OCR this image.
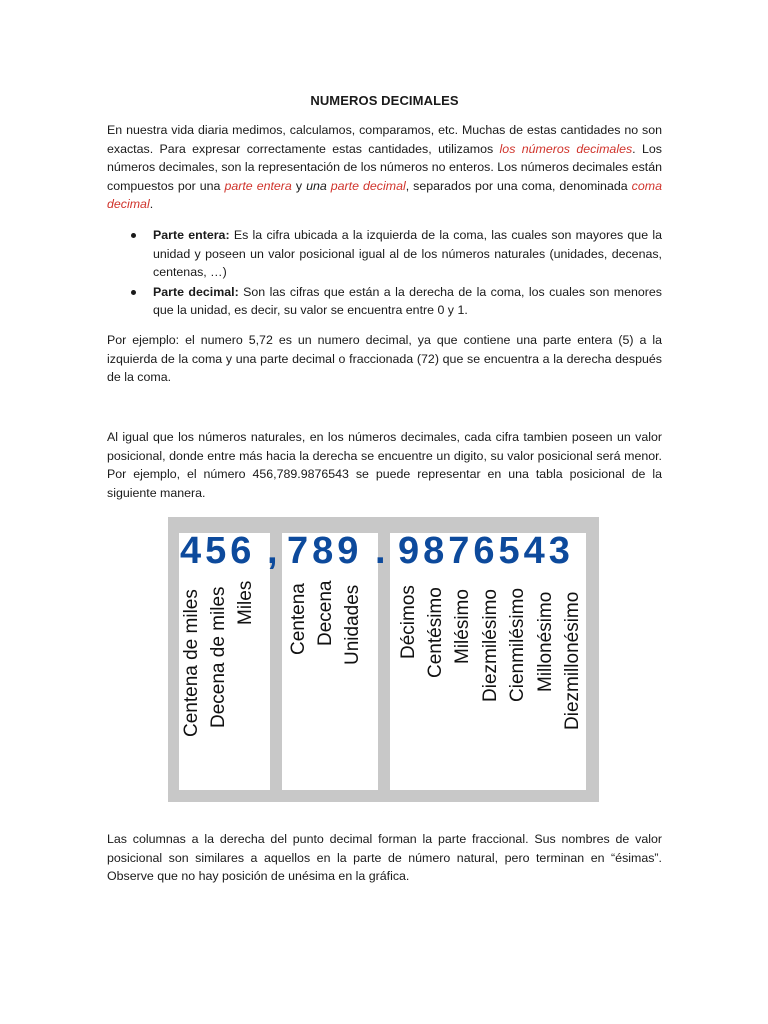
NUMEROS DECIMALES

En nuestra vida diaria medimos, calculamos, comparamos, etc. Muchas de estas cantidades no son exactas. Para expresar correctamente estas cantidades, utilizamos los números decimales. Los números decimales, son la representación de los números no enteros. Los números decimales están compuestos por una parte entera y una parte decimal, separados por una coma, denominada coma decimal.

Parte entera: Es la cifra ubicada a la izquierda de la coma, las cuales son mayores que la unidad y poseen un valor posicional igual al de los números naturales (unidades, decenas, centenas, …)
Parte decimal: Son las cifras que están a la derecha de la coma, los cuales son menores que la unidad, es decir, su valor se encuentra entre 0 y 1.

Por ejemplo: el numero 5,72 es un numero decimal, ya que contiene una parte entera (5) a la izquierda de la coma y una parte decimal o fraccionada (72) que se encuentra a la derecha después de la coma.

Al igual que los números naturales, en los números decimales, cada cifra tambien poseen un valor posicional, donde entre más hacia la derecha se encuentre un digito, su valor posicional será menor. Por ejemplo, el número 456,789.9876543 se puede representar en una tabla posicional de la siguiente manera.

Las columnas a la derecha del punto decimal forman la parte fraccional. Sus nombres de valor posicional son similares a aquellos en la parte de número natural, pero terminan en “ésimas”. Observe que no hay posición de unésima en la gráfica.

456 , 789 . 9876543
Centena de miles Decena de miles Miles Centena Decena Unidades Décimos Centésimo Milésimo Diezmilésimo Cienmilésimo Millonésimo Diezmillonésimo
